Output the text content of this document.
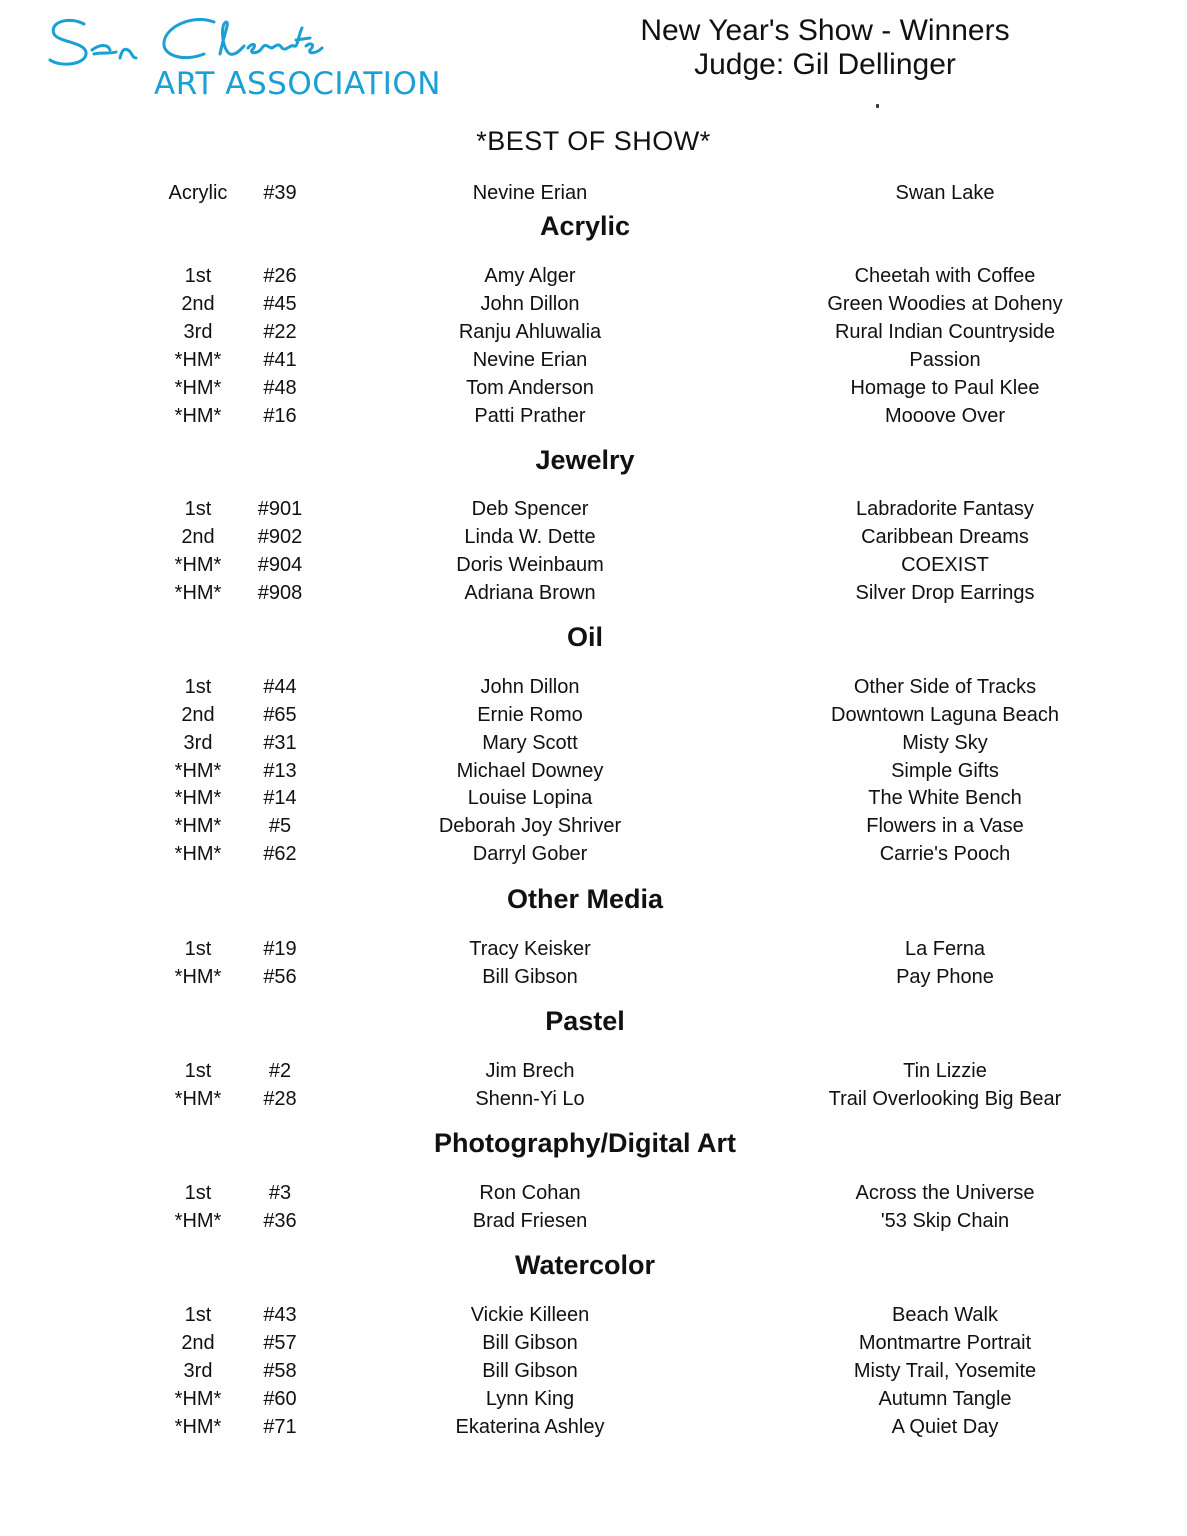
ART ASSOCIATION
New Year's Show - Winners
Judge: Gil Dellinger
*BEST OF SHOW*
Acrylic	#39	Nevine Erian	Swan Lake
Acrylic
1st	#26	Amy Alger	Cheetah with Coffee
2nd	#45	John Dillon	Green Woodies at Doheny
3rd	#22	Ranju Ahluwalia	Rural Indian Countryside
*HM*	#41	Nevine Erian	Passion
*HM*	#48	Tom Anderson	Homage to Paul Klee
*HM*	#16	Patti Prather	Mooove Over
Jewelry
1st	#901	Deb Spencer	Labradorite Fantasy
2nd	#902	Linda W. Dette	Caribbean Dreams
*HM*	#904	Doris Weinbaum	COEXIST
*HM*	#908	Adriana Brown	Silver Drop Earrings
Oil
1st	#44	John Dillon	Other Side of Tracks
2nd	#65	Ernie Romo	Downtown Laguna Beach
3rd	#31	Mary Scott	Misty Sky
*HM*	#13	Michael Downey	Simple Gifts
*HM*	#14	Louise Lopina	The White Bench
*HM*	#5	Deborah Joy Shriver	Flowers in a Vase
*HM*	#62	Darryl Gober	Carrie's Pooch
Other Media
1st	#19	Tracy Keisker	La Ferna
*HM*	#56	Bill Gibson	Pay Phone
Pastel
1st	#2	Jim Brech	Tin Lizzie
*HM*	#28	Shenn-Yi Lo	Trail Overlooking Big Bear
Photography/Digital Art
1st	#3	Ron Cohan	Across the Universe
*HM*	#36	Brad Friesen	'53 Skip Chain
Watercolor
1st	#43	Vickie Killeen	Beach Walk
2nd	#57	Bill Gibson	Montmartre Portrait
3rd	#58	Bill Gibson	Misty Trail, Yosemite
*HM*	#60	Lynn King	Autumn Tangle
*HM*	#71	Ekaterina Ashley	A Quiet Day
